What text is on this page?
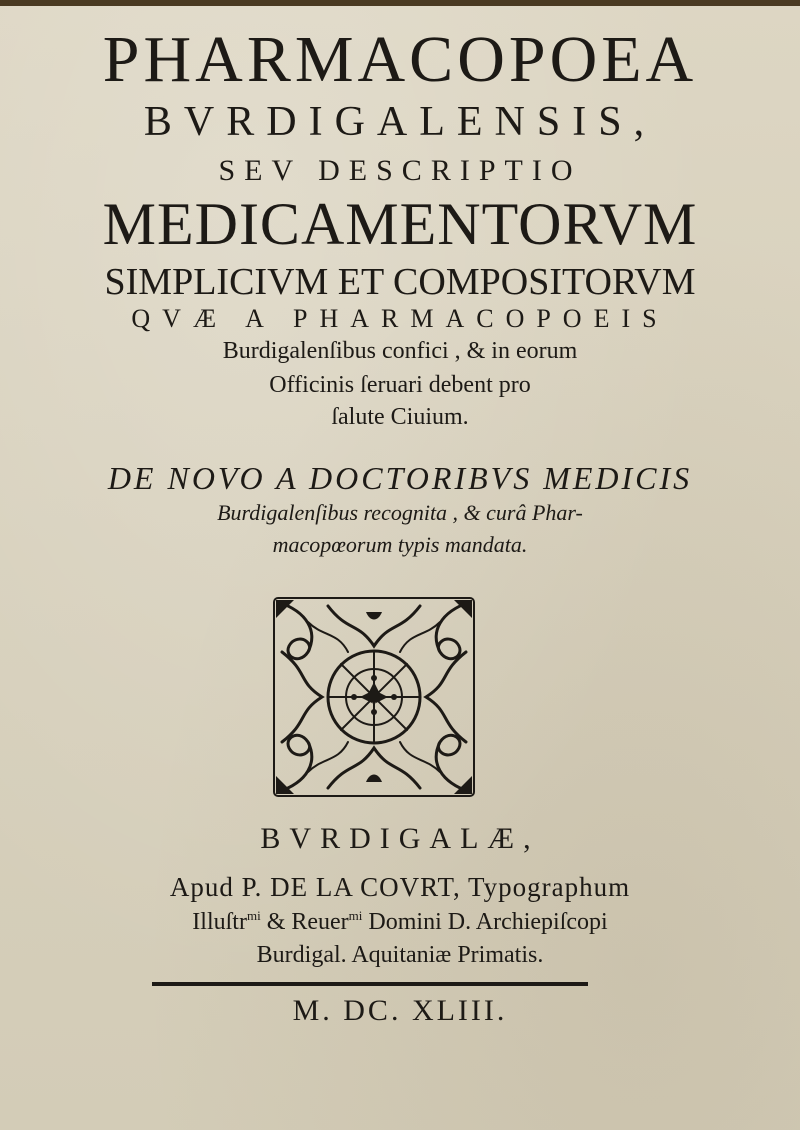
PHARMACOPOEA
BVRDIGALENSIS,
SEV DESCRIPTIO
MEDICAMENTORVM
SIMPLICIVM ET COMPOSITORVM
QVÆ A PHARMACOPOEIS
Burdigalenſibus confici , & in eorum
Officinis ſeruari debent pro
ſalute Ciuium.
DE NOVO A DOCTORIBVS MEDICIS
Burdigalenſibus recognita , & curâ Phar-
macopœorum typis mandata.
BVRDIGALÆ,
Apud P. DE LA COVRT, Typographum
Illuſtr$^{mi}$ & Reuer$^{mi}$ Domini D. Archiepiſcopi
Burdigal. Aquitaniæ Primatis.
M. DC. XLIII.
